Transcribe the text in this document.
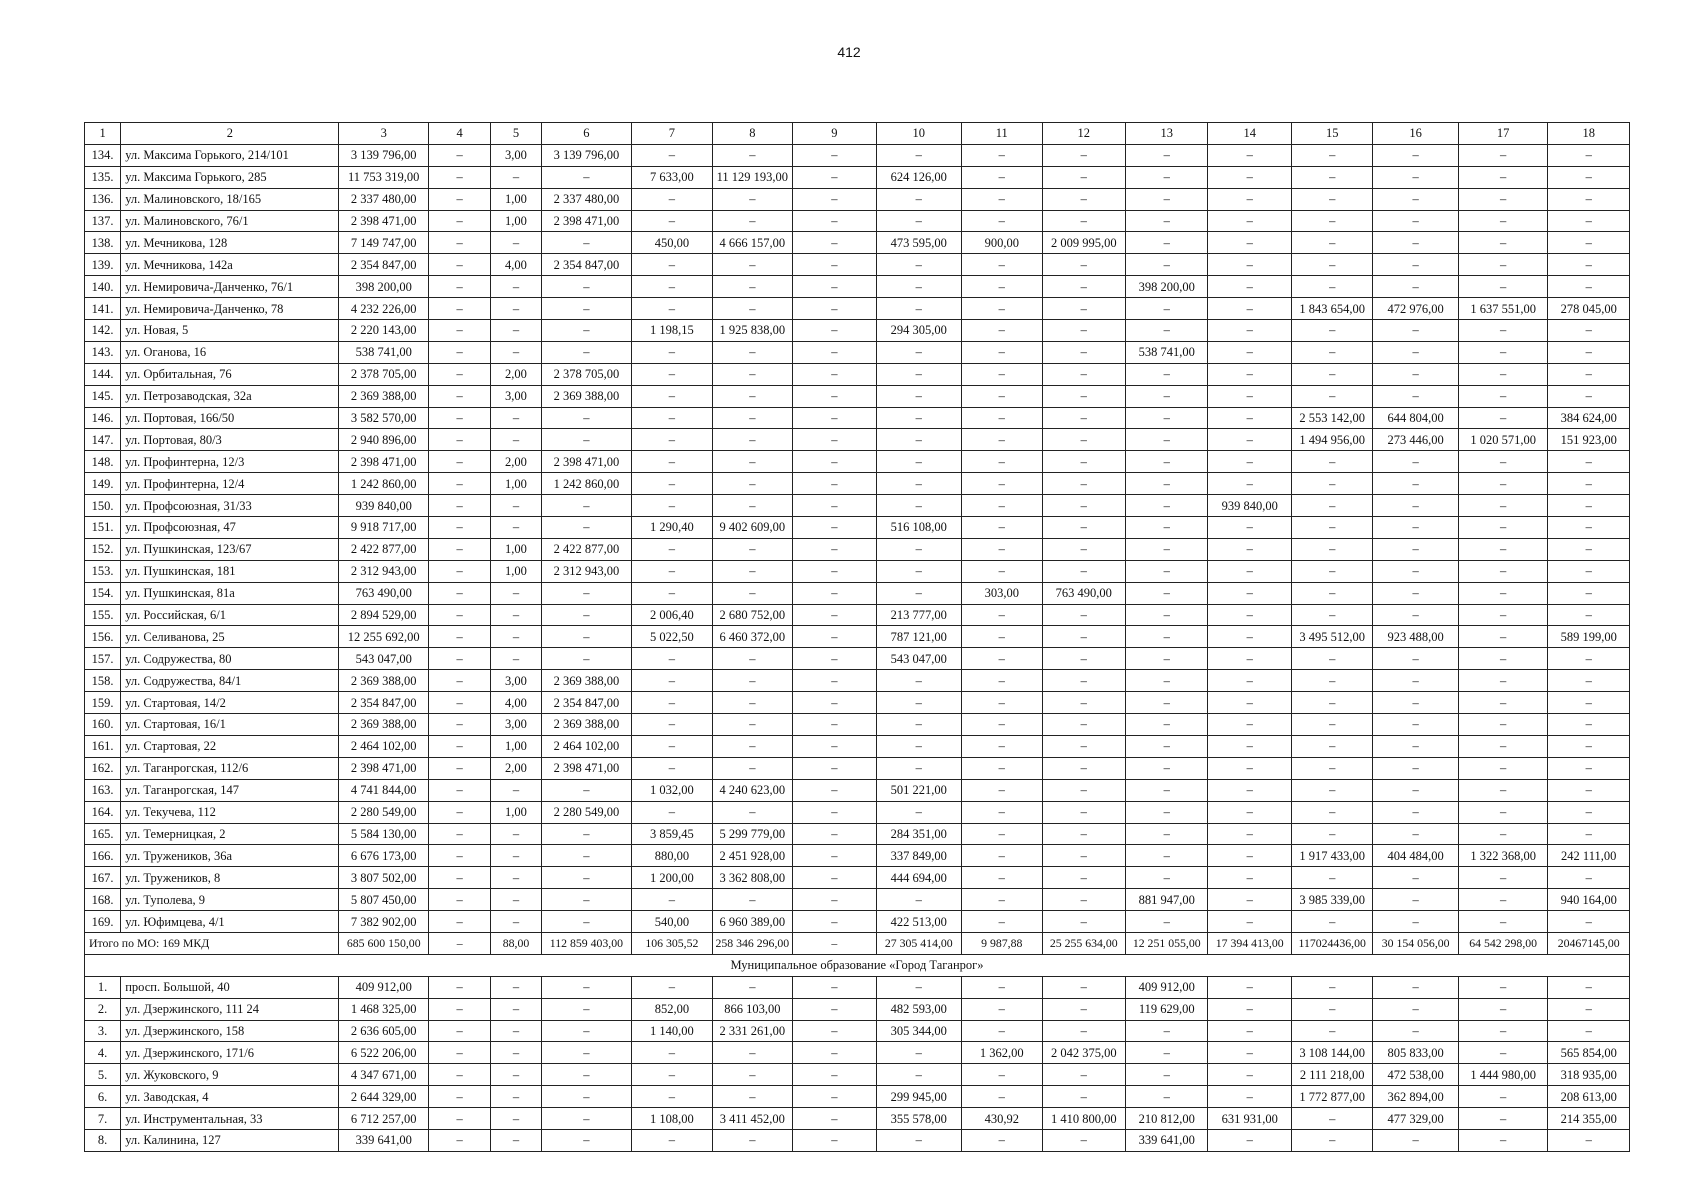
412
1	2	3	4	5	6	7	8	9	10	11	12	13	14	15	16	17	18
134.	ул. Максима Горького, 214/101	3 139 796,00	–	3,00	3 139 796,00	–	–	–	–	–	–	–	–	–	–	–	–
135.	ул. Максима Горького, 285	11 753 319,00	–	–	–	7 633,00	11 129 193,00	–	624 126,00	–	–	–	–	–	–	–	–
136.	ул. Малиновского, 18/165	2 337 480,00	–	1,00	2 337 480,00	–	–	–	–	–	–	–	–	–	–	–	–
137.	ул. Малиновского, 76/1	2 398 471,00	–	1,00	2 398 471,00	–	–	–	–	–	–	–	–	–	–	–	–
138.	ул. Мечникова, 128	7 149 747,00	–	–	–	450,00	4 666 157,00	–	473 595,00	900,00	2 009 995,00	–	–	–	–	–	–
139.	ул. Мечникова, 142а	2 354 847,00	–	4,00	2 354 847,00	–	–	–	–	–	–	–	–	–	–	–	–
140.	ул. Немировича-Данченко, 76/1	398 200,00	–	–	–	–	–	–	–	–	–	398 200,00	–	–	–	–	–
141.	ул. Немировича-Данченко, 78	4 232 226,00	–	–	–	–	–	–	–	–	–	–	–	1 843 654,00	472 976,00	1 637 551,00	278 045,00
142.	ул. Новая, 5	2 220 143,00	–	–	–	1 198,15	1 925 838,00	–	294 305,00	–	–	–	–	–	–	–	–
143.	ул. Оганова, 16	538 741,00	–	–	–	–	–	–	–	–	–	538 741,00	–	–	–	–	–
144.	ул. Орбитальная, 76	2 378 705,00	–	2,00	2 378 705,00	–	–	–	–	–	–	–	–	–	–	–	–
145.	ул. Петрозаводская, 32а	2 369 388,00	–	3,00	2 369 388,00	–	–	–	–	–	–	–	–	–	–	–	–
146.	ул. Портовая, 166/50	3 582 570,00	–	–	–	–	–	–	–	–	–	–	–	2 553 142,00	644 804,00	–	384 624,00
147.	ул. Портовая, 80/3	2 940 896,00	–	–	–	–	–	–	–	–	–	–	–	1 494 956,00	273 446,00	1 020 571,00	151 923,00
148.	ул. Профинтерна, 12/3	2 398 471,00	–	2,00	2 398 471,00	–	–	–	–	–	–	–	–	–	–	–	–
149.	ул. Профинтерна, 12/4	1 242 860,00	–	1,00	1 242 860,00	–	–	–	–	–	–	–	–	–	–	–	–
150.	ул. Профсоюзная, 31/33	939 840,00	–	–	–	–	–	–	–	–	–	–	939 840,00	–	–	–	–
151.	ул. Профсоюзная, 47	9 918 717,00	–	–	–	1 290,40	9 402 609,00	–	516 108,00	–	–	–	–	–	–	–	–
152.	ул. Пушкинская, 123/67	2 422 877,00	–	1,00	2 422 877,00	–	–	–	–	–	–	–	–	–	–	–	–
153.	ул. Пушкинская, 181	2 312 943,00	–	1,00	2 312 943,00	–	–	–	–	–	–	–	–	–	–	–	–
154.	ул. Пушкинская, 81а	763 490,00	–	–	–	–	–	–	–	303,00	763 490,00	–	–	–	–	–	–
155.	ул. Российская, 6/1	2 894 529,00	–	–	–	2 006,40	2 680 752,00	–	213 777,00	–	–	–	–	–	–	–	–
156.	ул. Селиванова, 25	12 255 692,00	–	–	–	5 022,50	6 460 372,00	–	787 121,00	–	–	–	–	3 495 512,00	923 488,00	–	589 199,00
157.	ул. Содружества, 80	543 047,00	–	–	–	–	–	–	543 047,00	–	–	–	–	–	–	–	–
158.	ул. Содружества, 84/1	2 369 388,00	–	3,00	2 369 388,00	–	–	–	–	–	–	–	–	–	–	–	–
159.	ул. Стартовая, 14/2	2 354 847,00	–	4,00	2 354 847,00	–	–	–	–	–	–	–	–	–	–	–	–
160.	ул. Стартовая, 16/1	2 369 388,00	–	3,00	2 369 388,00	–	–	–	–	–	–	–	–	–	–	–	–
161.	ул. Стартовая, 22	2 464 102,00	–	1,00	2 464 102,00	–	–	–	–	–	–	–	–	–	–	–	–
162.	ул. Таганрогская, 112/6	2 398 471,00	–	2,00	2 398 471,00	–	–	–	–	–	–	–	–	–	–	–	–
163.	ул. Таганрогская, 147	4 741 844,00	–	–	–	1 032,00	4 240 623,00	–	501 221,00	–	–	–	–	–	–	–	–
164.	ул. Текучева, 112	2 280 549,00	–	1,00	2 280 549,00	–	–	–	–	–	–	–	–	–	–	–	–
165.	ул. Темерницкая, 2	5 584 130,00	–	–	–	3 859,45	5 299 779,00	–	284 351,00	–	–	–	–	–	–	–	–
166.	ул. Тружеников, 36а	6 676 173,00	–	–	–	880,00	2 451 928,00	–	337 849,00	–	–	–	–	1 917 433,00	404 484,00	1 322 368,00	242 111,00
167.	ул. Тружеников, 8	3 807 502,00	–	–	–	1 200,00	3 362 808,00	–	444 694,00	–	–	–	–	–	–	–	–
168.	ул. Туполева, 9	5 807 450,00	–	–	–	–	–	–	–	–	–	881 947,00	–	3 985 339,00	–	–	940 164,00
169.	ул. Юфимцева, 4/1	7 382 902,00	–	–	–	540,00	6 960 389,00	–	422 513,00	–	–	–	–	–	–	–	–
Итого по МО: 169 МКД		685 600 150,00	–	88,00	112 859 403,00	106 305,52	258 346 296,00	–	27 305 414,00	9 987,88	25 255 634,00	12 251 055,00	17 394 413,00	117024436,00	30 154 056,00	64 542 298,00	20467145,00
Муниципальное образование «Город Таганрог»																	
1.	просп. Большой, 40	409 912,00	–	–	–	–	–	–	–	–	–	409 912,00	–	–	–	–	–
2.	ул. Дзержинского, 111 24	1 468 325,00	–	–	–	852,00	866 103,00	–	482 593,00	–	–	119 629,00	–	–	–	–	–
3.	ул. Дзержинского, 158	2 636 605,00	–	–	–	1 140,00	2 331 261,00	–	305 344,00	–	–	–	–	–	–	–	–
4.	ул. Дзержинского, 171/6	6 522 206,00	–	–	–	–	–	–	–	1 362,00	2 042 375,00	–	–	3 108 144,00	805 833,00	–	565 854,00
5.	ул. Жуковского, 9	4 347 671,00	–	–	–	–	–	–	–	–	–	–	–	2 111 218,00	472 538,00	1 444 980,00	318 935,00
6.	ул. Заводская, 4	2 644 329,00	–	–	–	–	–	–	299 945,00	–	–	–	–	1 772 877,00	362 894,00	–	208 613,00
7.	ул. Инструментальная, 33	6 712 257,00	–	–	–	1 108,00	3 411 452,00	–	355 578,00	430,92	1 410 800,00	210 812,00	631 931,00	–	477 329,00	–	214 355,00
8.	ул. Калинина, 127	339 641,00	–	–	–	–	–	–	–	–	–	339 641,00	–	–	–	–	–
